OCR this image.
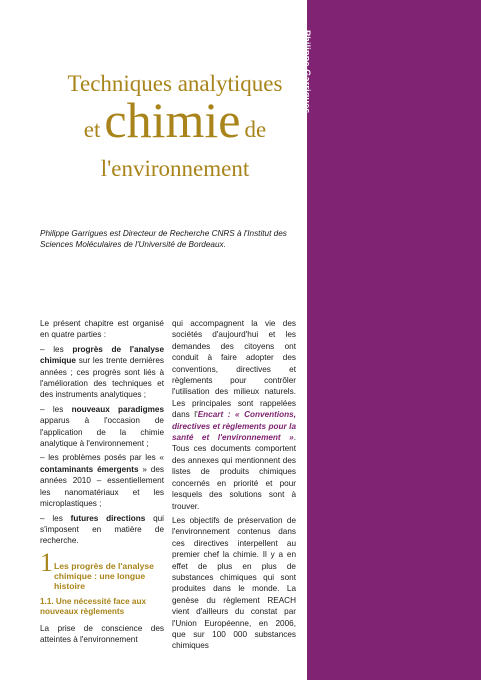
Philippe Garrigues
Techniques analytiques
et chimie de
l'environnement
Philippe Garrigues est Directeur de Recherche CNRS à l'Institut des Sciences Moléculaires de l'Université de Bordeaux.

Le présent chapitre est organisé en quatre parties :

– les progrès de l'analyse chimique sur les trente dernières années ; ces progrès sont liés à l'amélioration des techniques et des instruments analytiques ;

– les nouveaux paradigmes apparus à l'occasion de l'application de la chimie analytique à l'environnement ;

– les problèmes posés par les « contaminants émergents » des années 2010 – essentiellement les nanomatériaux et les microplastiques ;

– les futures directions qui s'imposent en matière de recherche.

1 Les progrès de l'analyse chimique : une longue histoire
1.1. Une nécessité face aux nouveaux règlements

La prise de conscience des atteintes à l'environnement

qui accompagnent la vie des sociétés d'aujourd'hui et les demandes des citoyens ont conduit à faire adopter des conventions, directives et règlements pour contrôler l'utilisation des milieux naturels. Les principales sont rappelées dans l'Encart : « Conventions, directives et règlements pour la santé et l'environnement ». Tous ces documents comportent des annexes qui mentionnent des listes de produits chimiques concernés en priorité et pour lesquels des solutions sont à trouver.

Les objectifs de préservation de l'environnement contenus dans ces directives interpellent au premier chef la chimie. Il y a en effet de plus en plus de substances chimiques qui sont produites dans le monde. La genèse du règlement REACH vient d'ailleurs du constat par l'Union Européenne, en 2006, que sur 100 000 substances chimiques
